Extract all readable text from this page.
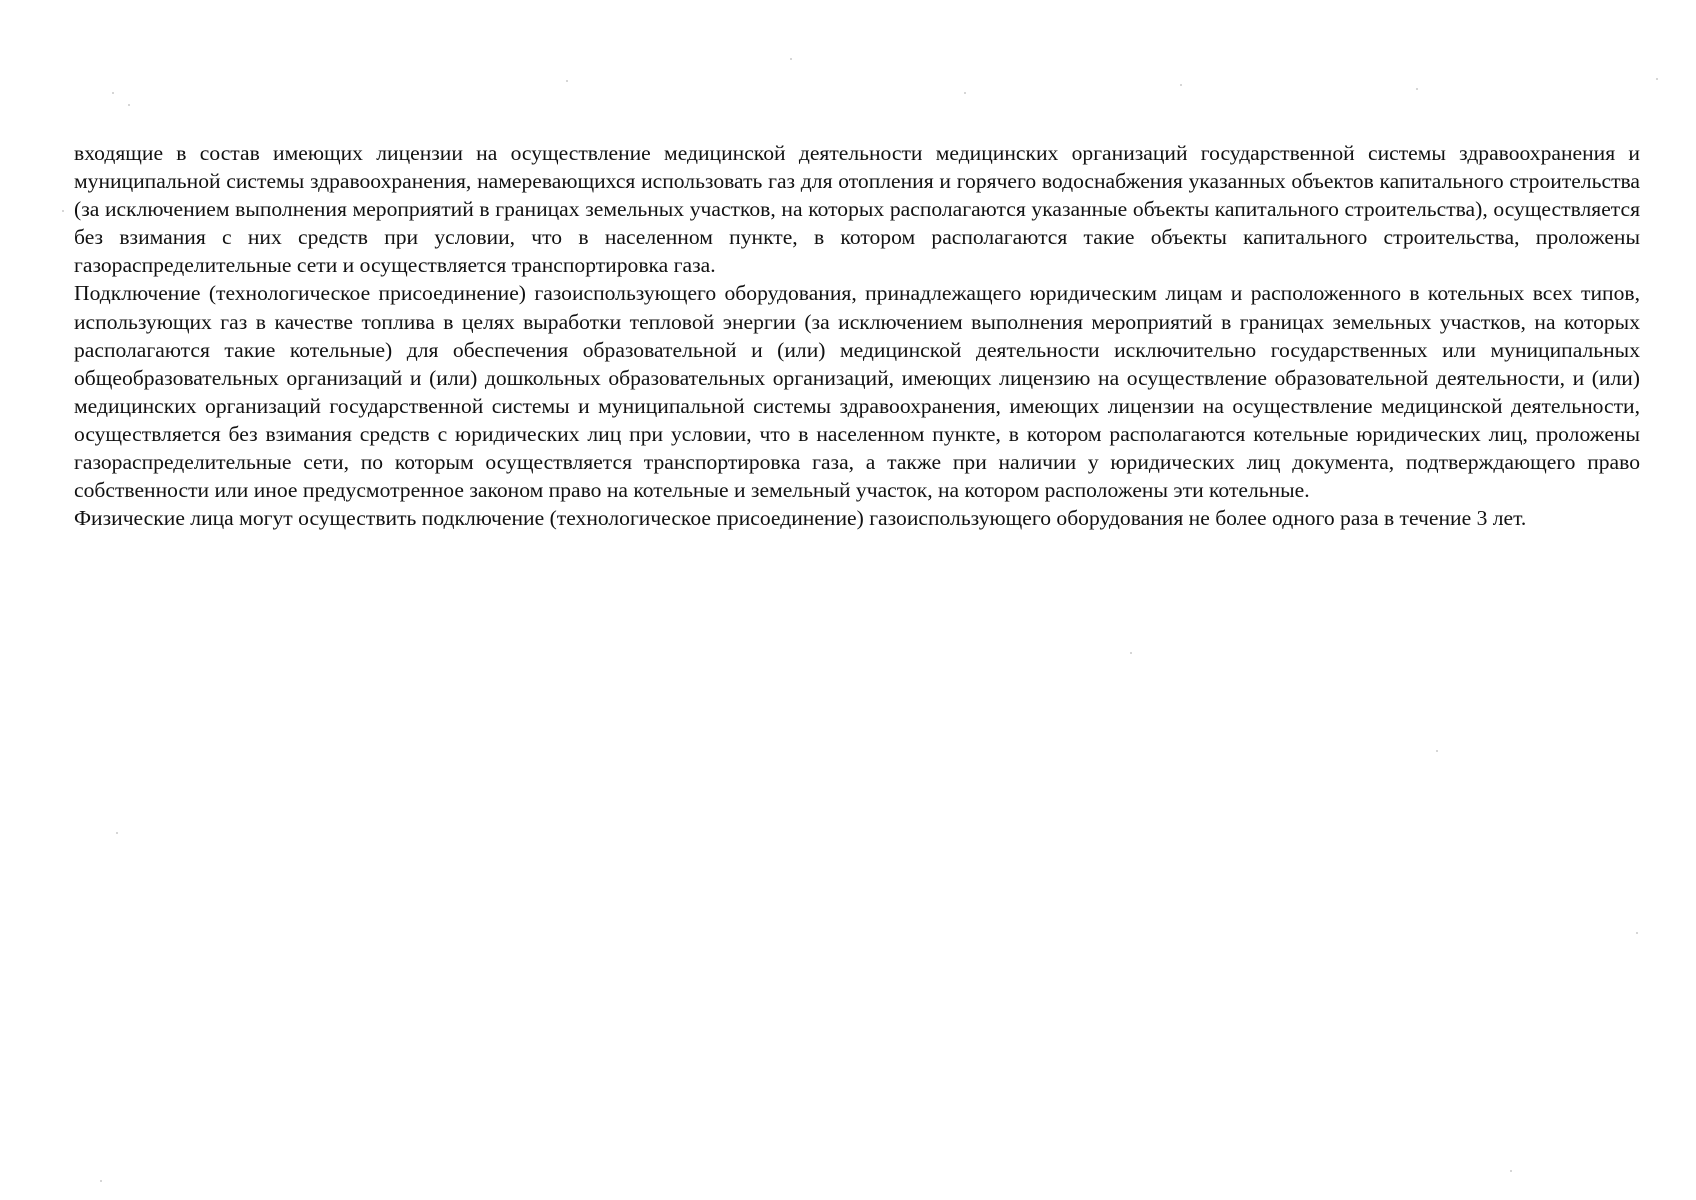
входящие в состав имеющих лицензии на осуществление медицинской деятельности медицинских организаций государственной системы здравоохранения и муниципальной системы здравоохранения, намеревающихся использовать газ для отопления и горячего водоснабжения указанных объектов капитального строительства (за исключением выполнения мероприятий в границах земельных участков, на которых располагаются указанные объекты капитального строительства), осуществляется без взимания с них средств при условии, что в населенном пункте, в котором располагаются такие объекты капитального строительства, проложены газораспределительные сети и осуществляется транспортировка газа.

Подключение (технологическое присоединение) газоиспользующего оборудования, принадлежащего юридическим лицам и расположенного в котельных всех типов, использующих газ в качестве топлива в целях выработки тепловой энергии (за исключением выполнения мероприятий в границах земельных участков, на которых располагаются такие котельные) для обеспечения образовательной и (или) медицинской деятельности исключительно государственных или муниципальных общеобразовательных организаций и (или) дошкольных образовательных организаций, имеющих лицензию на осуществление образовательной деятельности, и (или) медицинских организаций государственной системы и муниципальной системы здравоохранения, имеющих лицензии на осуществление медицинской деятельности, осуществляется без взимания средств с юридических лиц при условии, что в населенном пункте, в котором располагаются котельные юридических лиц, проложены газораспределительные сети, по которым осуществляется транспортировка газа, а также при наличии у юридических лиц документа, подтверждающего право собственности или иное предусмотренное законом право на котельные и земельный участок, на котором расположены эти котельные.

Физические лица могут осуществить подключение (технологическое присоединение) газоиспользующего оборудования не более одного раза в течение 3 лет.
